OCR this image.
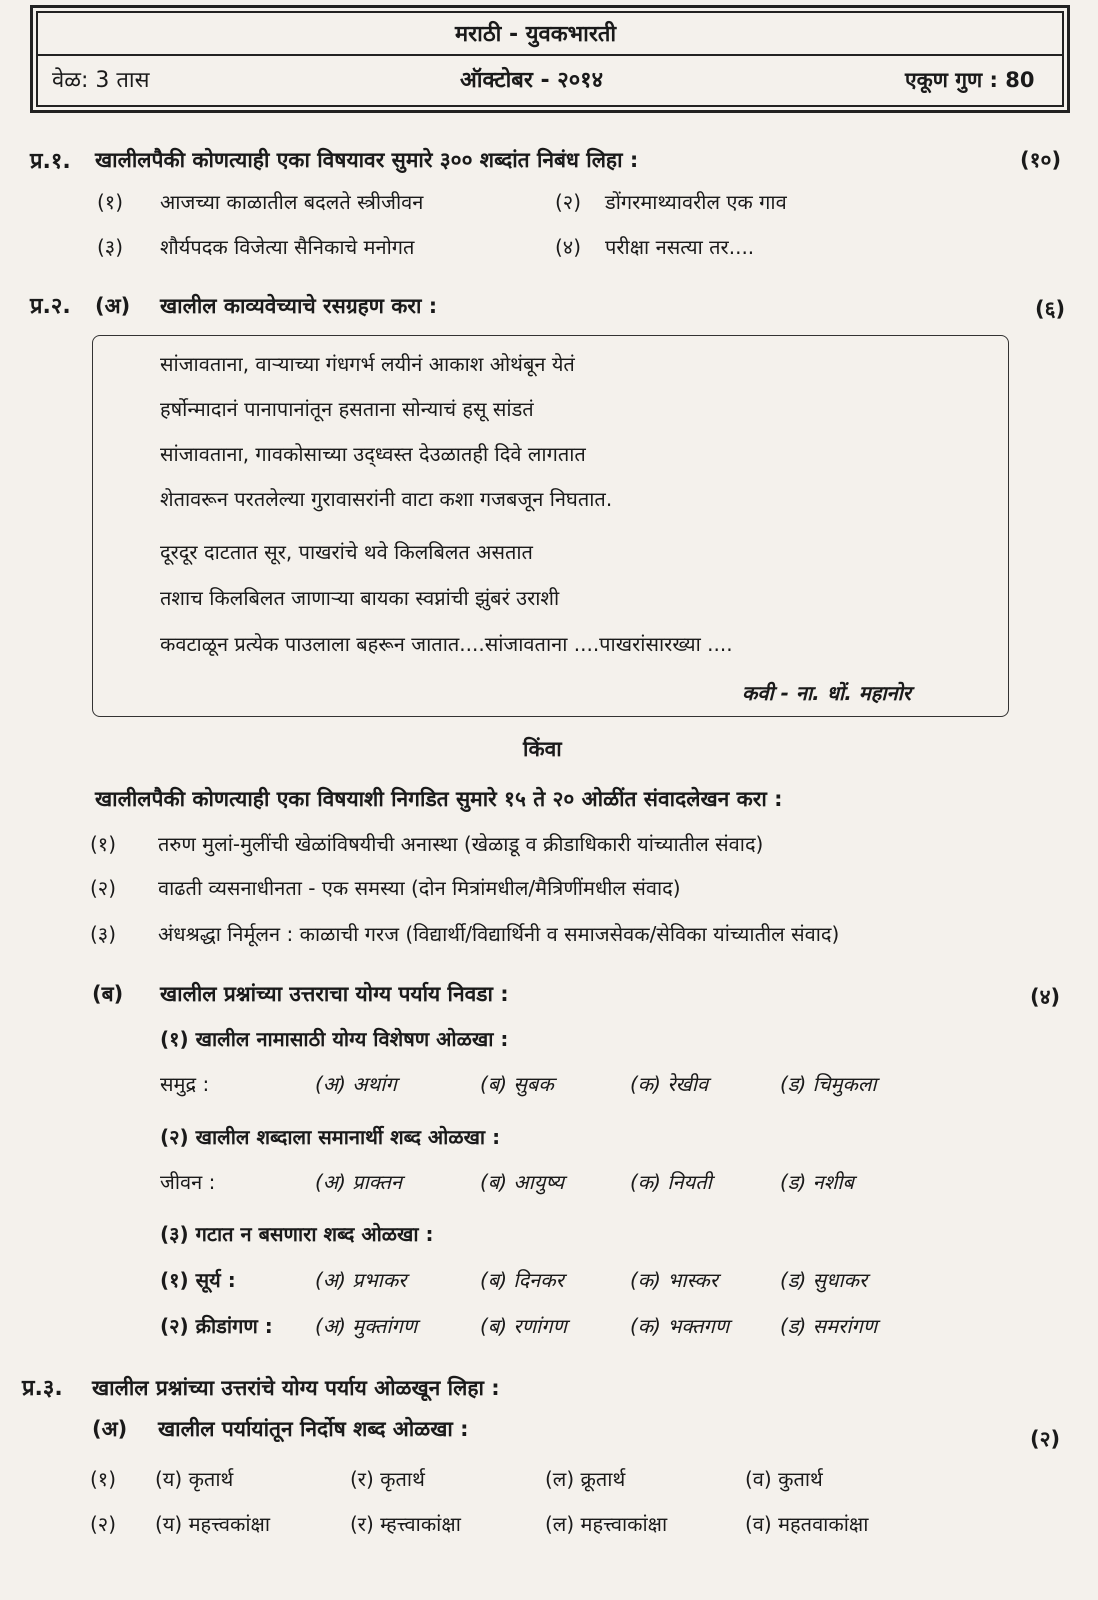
मराठी - युवकभारती
वेळ: 3 तास	ऑक्टोबर - २०१४	एकूण गुण : 80
प्र.१. खालीलपैकी कोणत्याही एका विषयावर सुमारे ३०० शब्दांत निबंध लिहा :	(१०)
(१) आजच्या काळातील बदलते स्त्रीजीवन	(२) डोंगरमाथ्यावरील एक गाव
(३) शौर्यपदक विजेत्या सैनिकाचे मनोगत	(४) परीक्षा नसत्या तर....
प्र.२. (अ) खालील काव्यवेच्याचे रसग्रहण करा :	(६)
सांजावताना, वाऱ्याच्या गंधगर्भ लयीनं आकाश ओथंबून येतं
हर्षोन्मादानं पानापानांतून हसताना सोन्याचं हसू सांडतं
सांजावताना, गावकोसाच्या उद्ध्वस्त देउळातही दिवे लागतात
शेतावरून परतलेल्या गुरावासरांनी वाटा कशा गजबजून निघतात.
दूरदूर दाटतात सूर, पाखरांचे थवे किलबिलत असतात
तशाच किलबिलत जाणाऱ्या बायका स्वप्नांची झुंबरं उराशी
कवटाळून प्रत्येक पाउलाला बहरून जातात....सांजावताना ....पाखरांसारख्या ....
कवी - ना. धों. महानोर
किंवा
खालीलपैकी कोणत्याही एका विषयाशी निगडित सुमारे १५ ते २० ओळींत संवादलेखन करा :
(१) तरुण मुलां-मुलींची खेळांविषयीची अनास्था (खेळाडू व क्रीडाधिकारी यांच्यातील संवाद)
(२) वाढती व्यसनाधीनता - एक समस्या (दोन मित्रांमधील/मैत्रिणींमधील संवाद)
(३) अंधश्रद्धा निर्मूलन : काळाची गरज (विद्यार्थी/विद्यार्थिनी व समाजसेवक/सेविका यांच्यातील संवाद)
(ब) खालील प्रश्नांच्या उत्तराचा योग्य पर्याय निवडा :	(४)
(१) खालील नामासाठी योग्य विशेषण ओळखा :
समुद्र :	(अ) अथांग	(ब) सुबक	(क) रेखीव	(ड) चिमुकला
(२) खालील शब्दाला समानार्थी शब्द ओळखा :
जीवन :	(अ) प्राक्तन	(ब) आयुष्य	(क) नियती	(ड) नशीब
(३) गटात न बसणारा शब्द ओळखा :
(१) सूर्य :	(अ) प्रभाकर	(ब) दिनकर	(क) भास्कर	(ड) सुधाकर
(२) क्रीडांगण : (अ) मुक्तांगण	(ब) रणांगण	(क) भक्तगण	(ड) समरांगण
प्र.३. खालील प्रश्नांच्या उत्तरांचे योग्य पर्याय ओळखून लिहा :
(अ) खालील पर्यायांतून निर्दोष शब्द ओळखा :	(२)
(१) (य) कृतार्थ	(र) कृतार्थ	(ल) क्रूतार्थ	(व) कुतार्थ
(२) (य) महत्त्वकांक्षा	(र) म्हत्त्वाकांक्षा	(ल) महत्त्वाकांक्षा	(व) महतवाकांक्षा
